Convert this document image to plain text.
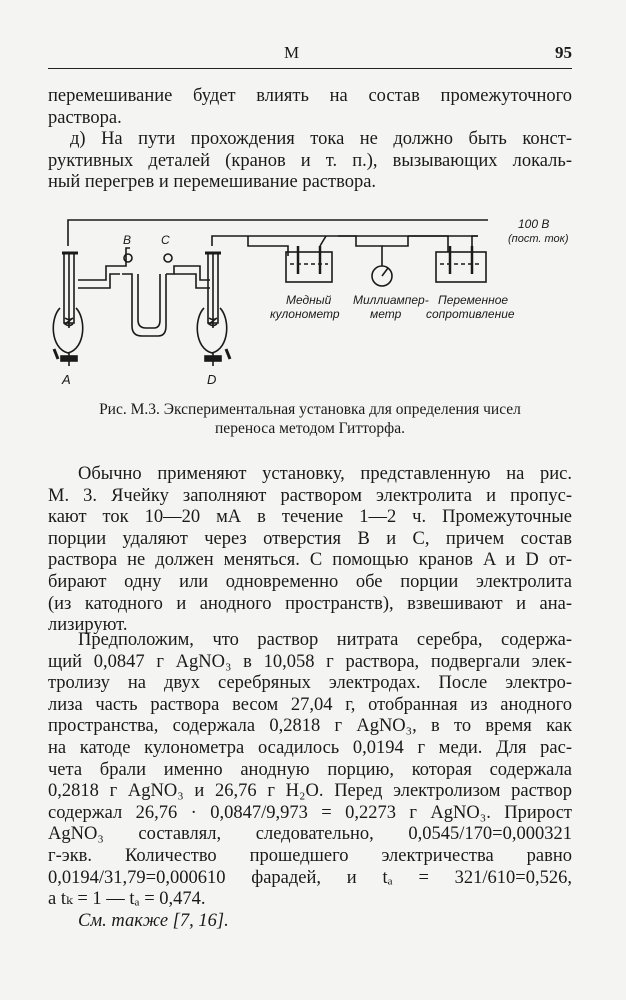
М	95
перемешивание будет влиять на состав промежуточного
раствора.
д) На пути прохождения тока не должно быть конст-
руктивных деталей (кранов и т. п.), вызывающих локаль-
ный перегрев и перемешивание раствора.
100 В
(пост. ток)
B C
A	D
Медный
кулонометр
Миллиампер-
метр
Переменное
сопротивление
Рис. М.3. Экспериментальная установка для определения чисел
переноса методом Гитторфа.
Обычно применяют установку, представленную на рис.
М. 3. Ячейку заполняют раствором электролита и пропус-
кают ток 10—20 мА в течение 1—2 ч. Промежуточные
порции удаляют через отверстия B и C, причем состав
раствора не должен меняться. С помощью кранов A и D от-
бирают одну или одновременно обе порции электролита
(из катодного и анодного пространств), взвешивают и ана-
лизируют.
Предположим, что раствор нитрата серебра, содержа-
щий 0,0847 г AgNO₃ в 10,058 г раствора, подвергали элек-
тролизу на двух серебряных электродах. После электро-
лиза часть раствора весом 27,04 г, отобранная из анодного
пространства, содержала 0,2818 г AgNO₃, в то время как
на катоде кулонометра осадилось 0,0194 г меди. Для рас-
чета брали именно анодную порцию, которая содержала
0,2818 г AgNO₃ и 26,76 г H₂O. Перед электролизом раствор
содержал 26,76 · 0,0847/9,973 = 0,2273 г AgNO₃. Прирост
AgNO₃ составлял, следовательно, 0,0545/170=0,000321
г-экв. Количество прошедшего электричества равно
0,0194/31,79=0,000610 фарадей, и tₐ = 321/610=0,526,
а tₖ = 1 — tₐ = 0,474.
См. также [7, 16].
